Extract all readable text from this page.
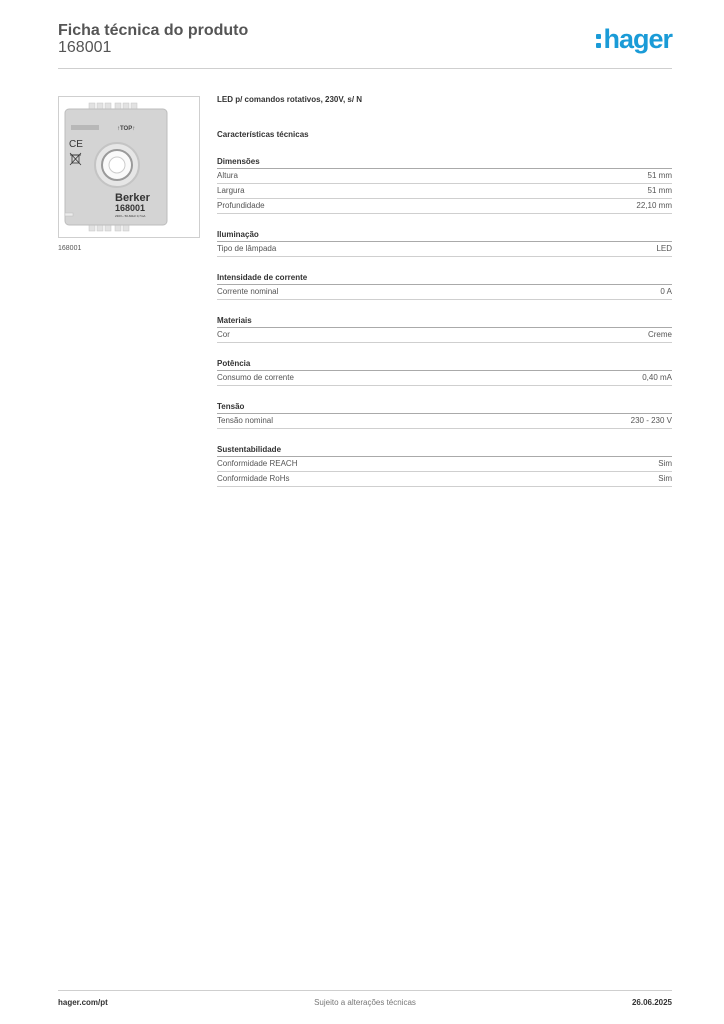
Ficha técnica do produto
168001	hager
↑TOP↑
CE
Berker
168001
230V~ 50-60Hz 0,7mA
168001
LED p/ comandos rotativos, 230V, s/ N
Características técnicas
Dimensões
Altura	51 mm
Largura	51 mm
Profundidade	22,10 mm
Iluminação
Tipo de lâmpada	LED
Intensidade de corrente
Corrente nominal	0 A
Materiais
Cor	Creme
Potência
Consumo de corrente	0,40 mA
Tensão
Tensão nominal	230 - 230 V
Sustentabilidade
Conformidade REACH	Sim
Conformidade RoHs	Sim
hager.com/pt	Sujeito a alterações técnicas	26.06.2025
